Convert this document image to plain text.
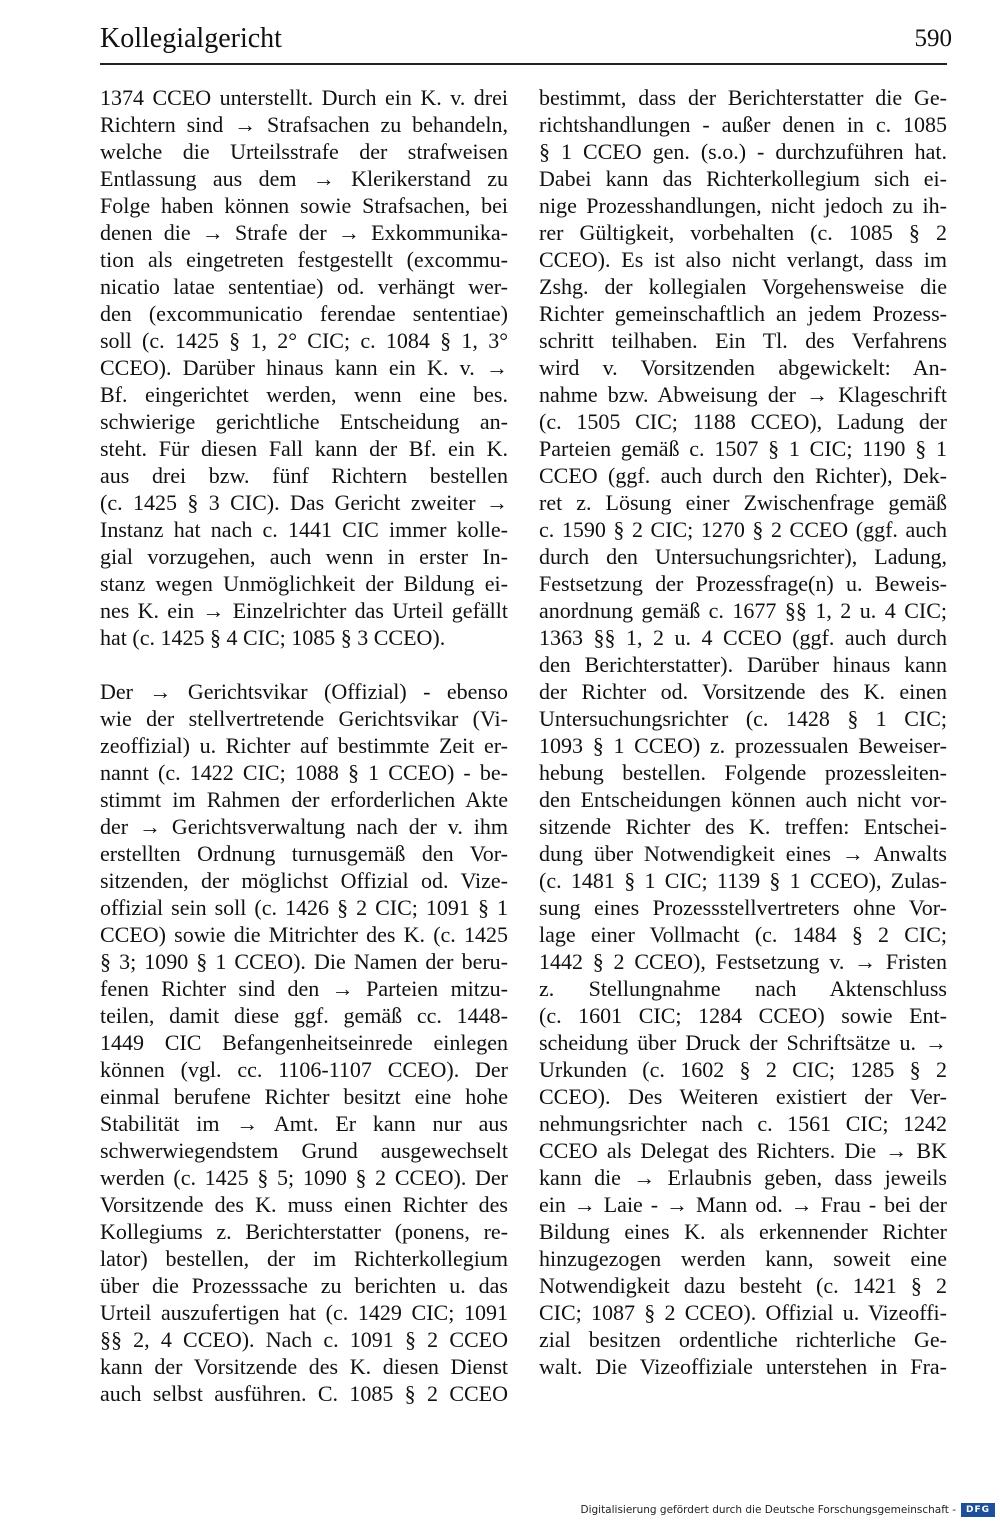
Kollegialgericht	590
1374 CCEO unterstellt. Durch ein K. v. drei
Richtern sind → Strafsachen zu behandeln,
welche die Urteilsstrafe der strafweisen
Entlassung aus dem → Klerikerstand zu
Folge haben können sowie Strafsachen, bei
denen die → Strafe der → Exkommunika-
tion als eingetreten festgestellt (excommu-
nicatio latae sententiae) od. verhängt wer-
den (excommunicatio ferendae sententiae)
soll (c. 1425 § 1, 2° CIC; c. 1084 § 1, 3°
CCEO). Darüber hinaus kann ein K. v. →
Bf. eingerichtet werden, wenn eine bes.
schwierige gerichtliche Entscheidung an-
steht. Für diesen Fall kann der Bf. ein K.
aus drei bzw. fünf Richtern bestellen
(c. 1425 § 3 CIC). Das Gericht zweiter →
Instanz hat nach c. 1441 CIC immer kolle-
gial vorzugehen, auch wenn in erster In-
stanz wegen Unmöglichkeit der Bildung ei-
nes K. ein → Einzelrichter das Urteil gefällt
hat (c. 1425 § 4 CIC; 1085 § 3 CCEO).
Der → Gerichtsvikar (Offizial) - ebenso
wie der stellvertretende Gerichtsvikar (Vi-
zeoffizial) u. Richter auf bestimmte Zeit er-
nannt (c. 1422 CIC; 1088 § 1 CCEO) - be-
stimmt im Rahmen der erforderlichen Akte
der → Gerichtsverwaltung nach der v. ihm
erstellten Ordnung turnusgemäß den Vor-
sitzenden, der möglichst Offizial od. Vize-
offizial sein soll (c. 1426 § 2 CIC; 1091 § 1
CCEO) sowie die Mitrichter des K. (c. 1425
§ 3; 1090 § 1 CCEO). Die Namen der beru-
fenen Richter sind den → Parteien mitzu-
teilen, damit diese ggf. gemäß cc. 1448-
1449 CIC Befangenheitseinrede einlegen
können (vgl. cc. 1106-1107 CCEO). Der
einmal berufene Richter besitzt eine hohe
Stabilität im → Amt. Er kann nur aus
schwerwiegendstem Grund ausgewechselt
werden (c. 1425 § 5; 1090 § 2 CCEO). Der
Vorsitzende des K. muss einen Richter des
Kollegiums z. Berichterstatter (ponens, re-
lator) bestellen, der im Richterkollegium
über die Prozesssache zu berichten u. das
Urteil auszufertigen hat (c. 1429 CIC; 1091
§§ 2, 4 CCEO). Nach c. 1091 § 2 CCEO
kann der Vorsitzende des K. diesen Dienst
auch selbst ausführen. C. 1085 § 2 CCEO
bestimmt, dass der Berichterstatter die Ge-
richtshandlungen - außer denen in c. 1085
§ 1 CCEO gen. (s.o.) - durchzuführen hat.
Dabei kann das Richterkollegium sich ei-
nige Prozesshandlungen, nicht jedoch zu ih-
rer Gültigkeit, vorbehalten (c. 1085 § 2
CCEO). Es ist also nicht verlangt, dass im
Zshg. der kollegialen Vorgehensweise die
Richter gemeinschaftlich an jedem Prozess-
schritt teilhaben. Ein Tl. des Verfahrens
wird v. Vorsitzenden abgewickelt: An-
nahme bzw. Abweisung der → Klageschrift
(c. 1505 CIC; 1188 CCEO), Ladung der
Parteien gemäß c. 1507 § 1 CIC; 1190 § 1
CCEO (ggf. auch durch den Richter), Dek-
ret z. Lösung einer Zwischenfrage gemäß
c. 1590 § 2 CIC; 1270 § 2 CCEO (ggf. auch
durch den Untersuchungsrichter), Ladung,
Festsetzung der Prozessfrage(n) u. Beweis-
anordnung gemäß c. 1677 §§ 1, 2 u. 4 CIC;
1363 §§ 1, 2 u. 4 CCEO (ggf. auch durch
den Berichterstatter). Darüber hinaus kann
der Richter od. Vorsitzende des K. einen
Untersuchungsrichter (c. 1428 § 1 CIC;
1093 § 1 CCEO) z. prozessualen Beweiser-
hebung bestellen. Folgende prozessleiten-
den Entscheidungen können auch nicht vor-
sitzende Richter des K. treffen: Entschei-
dung über Notwendigkeit eines → Anwalts
(c. 1481 § 1 CIC; 1139 § 1 CCEO), Zulas-
sung eines Prozessstellvertreters ohne Vor-
lage einer Vollmacht (c. 1484 § 2 CIC;
1442 § 2 CCEO), Festsetzung v. → Fristen
z. Stellungnahme nach Aktenschluss
(c. 1601 CIC; 1284 CCEO) sowie Ent-
scheidung über Druck der Schriftsätze u. →
Urkunden (c. 1602 § 2 CIC; 1285 § 2
CCEO). Des Weiteren existiert der Ver-
nehmungsrichter nach c. 1561 CIC; 1242
CCEO als Delegat des Richters. Die → BK
kann die → Erlaubnis geben, dass jeweils
ein → Laie - → Mann od. → Frau - bei der
Bildung eines K. als erkennender Richter
hinzugezogen werden kann, soweit eine
Notwendigkeit dazu besteht (c. 1421 § 2
CIC; 1087 § 2 CCEO). Offizial u. Vizeoffi-
zial besitzen ordentliche richterliche Ge-
walt. Die Vizeoffiziale unterstehen in Fra-
Digitalisierung gefördert durch die Deutsche Forschungsgemeinschaft -	DFG
